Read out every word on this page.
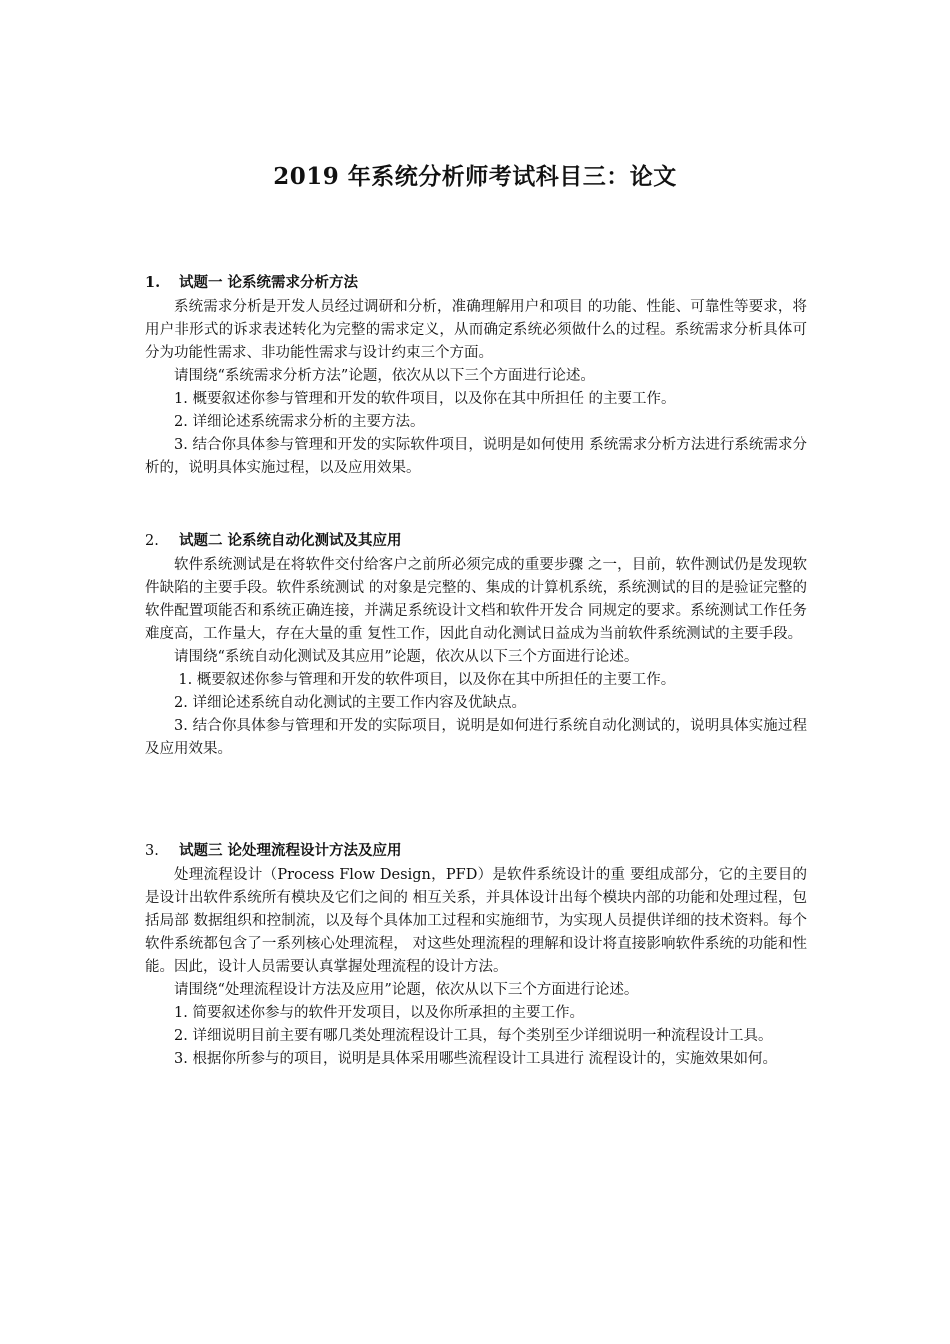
2019 年系统分析师考试科目三：论文
1. 试题一 论系统需求分析方法

系统需求分析是开发人员经过调研和分析，准确理解用户和项目 的功能、性能、可靠性等要求，将用户非形式的诉求表述转化为完整的需求定义，从而确定系统必须做什么的过程。系统需求分析具体可 分为功能性需求、非功能性需求与设计约束三个方面。

请围绕“系统需求分析方法”论题，依次从以下三个方面进行论述。

1. 概要叙述你参与管理和开发的软件项目，以及你在其中所担任 的主要工作。

2. 详细论述系统需求分析的主要方法。

3. 结合你具体参与管理和开发的实际软件项目，说明是如何使用 系统需求分析方法进行系统需求分析的，说明具体实施过程，以及应用效果。

2. 试题二 论系统自动化测试及其应用

软件系统测试是在将软件交付给客户之前所必须完成的重要步骤 之一，目前，软件测试仍是发现软件缺陷的主要手段。软件系统测试 的对象是完整的、集成的计算机系统，系统测试的目的是验证完整的 软件配置项能否和系统正确连接，并满足系统设计文档和软件开发合 同规定的要求。系统测试工作任务难度高，工作量大，存在大量的重 复性工作，因此自动化测试日益成为当前软件系统测试的主要手段。

请围绕“系统自动化测试及其应用”论题，依次从以下三个方面进行论述。

1. 概要叙述你参与管理和开发的软件项目，以及你在其中所担任的主要工作。

2. 详细论述系统自动化测试的主要工作内容及优缺点。

3. 结合你具体参与管理和开发的实际项目，说明是如何进行系统自动化测试的，说明具体实施过程及应用效果。

3. 试题三 论处理流程设计方法及应用

处理流程设计（Process Flow Design，PFD）是软件系统设计的重 要组成部分，它的主要目的是设计出软件系统所有模块及它们之间的 相互关系，并具体设计出每个模块内部的功能和处理过程，包括局部 数据组织和控制流，以及每个具体加工过程和实施细节，为实现人员提供详细的技术资料。每个软件系统都包含了一系列核心处理流程， 对这些处理流程的理解和设计将直接影响软件系统的功能和性能。因此，设计人员需要认真掌握处理流程的设计方法。

请围绕“处理流程设计方法及应用”论题，依次从以下三个方面进行论述。

1. 简要叙述你参与的软件开发项目，以及你所承担的主要工作。

2. 详细说明目前主要有哪几类处理流程设计工具，每个类别至少详细说明一种流程设计工具。

3. 根据你所参与的项目，说明是具体采用哪些流程设计工具进行 流程设计的，实施效果如何。
